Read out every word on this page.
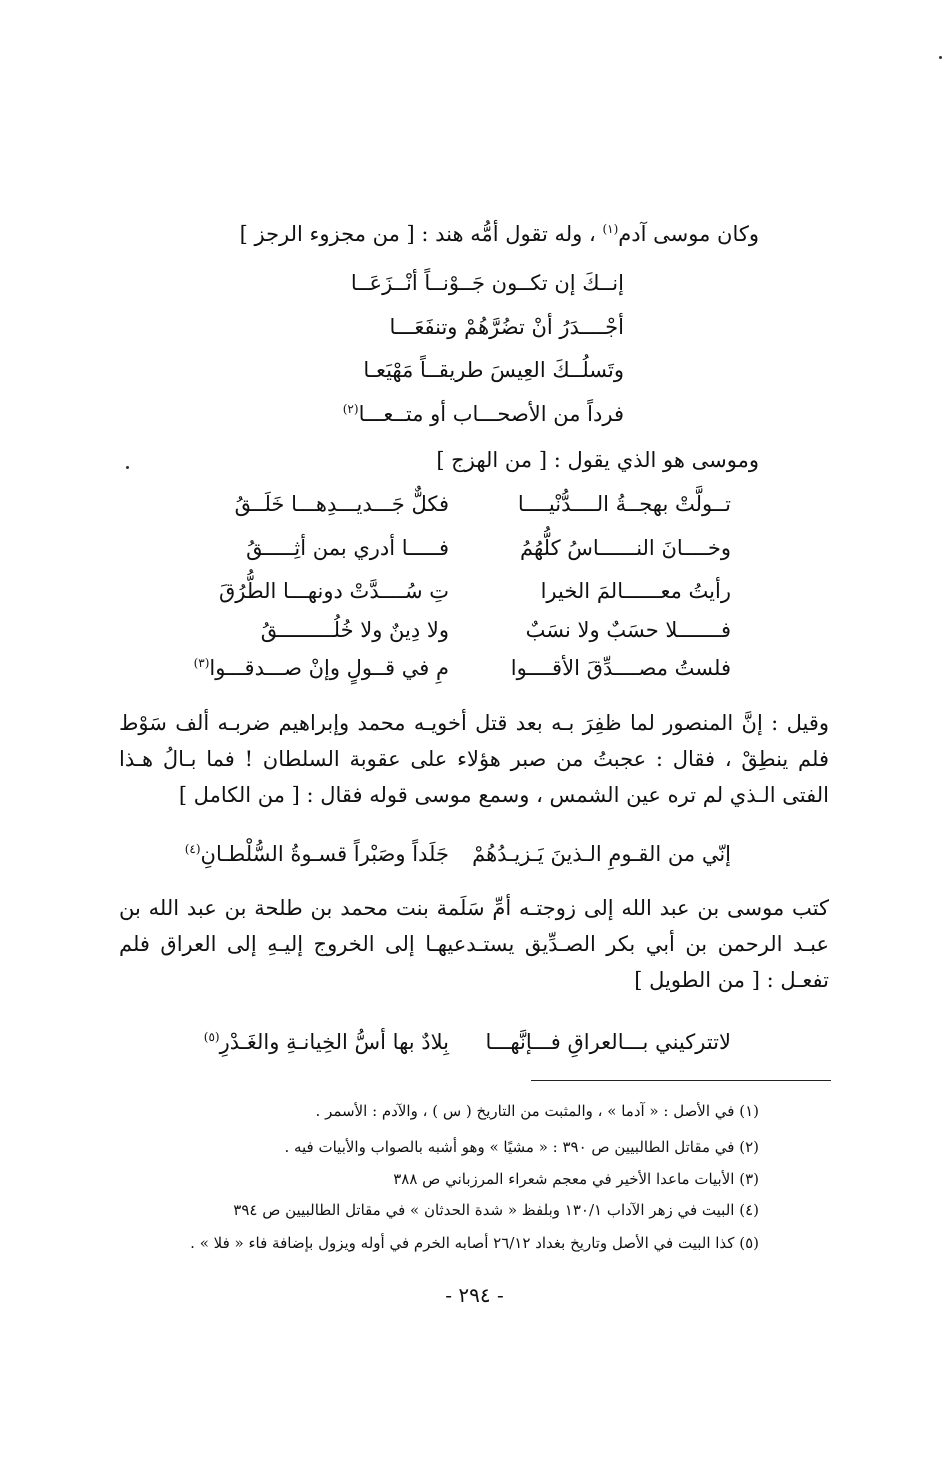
وكان موسى آدم$^{(١)}$ ، وله تقول أمُّه هند : [ من مجزوء الرجز ]
إنــكَ إن تكــون جَــوْنــاً أنْــزَعَــا
أجْــــدَرُ أنْ تضُرَّهُمْ وتنفَعَـــا
وتَسلُــكَ العِيسَ طريقــاً مَهْيَعـا
فرداً من الأصحـــاب أو متــعـــا$^{(٢)}$
وموسى هو الذي يقول : [ من الهزج ]
تــولَّتْ بهجــةُ الــــدُّنْيــــا
فكلٌّ جَـــديـــدِهـــا خَلَــقُ
وخــــانَ النــــــاسُ كلُّهُمُ
فـــــا أدري بمن أثِـــــقُ
رأيتُ معــــــالمَ الخيرا
تِ سُــــدَّتْ دونهـــا الطُّرُقَ
فـــــــلا حسَبٌ ولا نسَبٌ
ولا دِينٌ ولا خُلُـــــــــقُ
فلستُ مصــــدِّقَ الأقــــوا
مِ في قــولٍ وإنْ صـــدقـــوا$^{(٣)}$
وقيل : إنَّ المنصور لما ظفِرَ بـه بعد قتل أخويـه محمد وإبراهيم ضربـه ألف سَوْط فلم ينطِقْ ، فقال : عجبتُ من صبر هؤلاء على عقوبة السلطان ! فما بـالُ هـذا الفتى الـذي لم تره عين الشمس ، وسمع موسى قوله فقال : [ من الكامل ]
إنّي من القـومِ الـذينَ يَـزيـدُهُمْ
جَلَداً وصَبْراً قسـوةُ السُّلْطـانِ$^{(٤)}$
كتب موسى بن عبد الله إلى زوجتـه أمِّ سَلَمة بنت محمد بن طلحة بن عبد الله بن عبـد الرحمن بن أبي بكر الصـدِّيق يستـدعيهـا إلى الخروج إليـهِ إلى العراق فلم تفعـل : [ من الطويل ]
لاتتركيني بـــالعراقِ فـــإنَّهـــا
بِلادٌ بها أسُّ الخِيانـةِ والغَـدْرِ$^{(٥)}$
(١) في الأصل : « آدما » ، والمثبت من التاريخ ( س ) ، والآدم : الأسمر .
(٢) في مقاتل الطالبيين ص ٣٩٠ : « مشيًا » وهو أشبه بالصواب والأبيات فيه .
(٣) الأبيات ماعدا الأخير في معجم شعراء المرزباني ص ٣٨٨
(٤) البيت في زهر الآداب ١٣٠/١ وبلفظ « شدة الحدثان » في مقاتل الطالبيين ص ٣٩٤
(٥) كذا البيت في الأصل وتاريخ بغداد ٢٦/١٢ أصابه الخرم في أوله ويزول بإضافة فاء « فلا » .
- ٢٩٤ -
